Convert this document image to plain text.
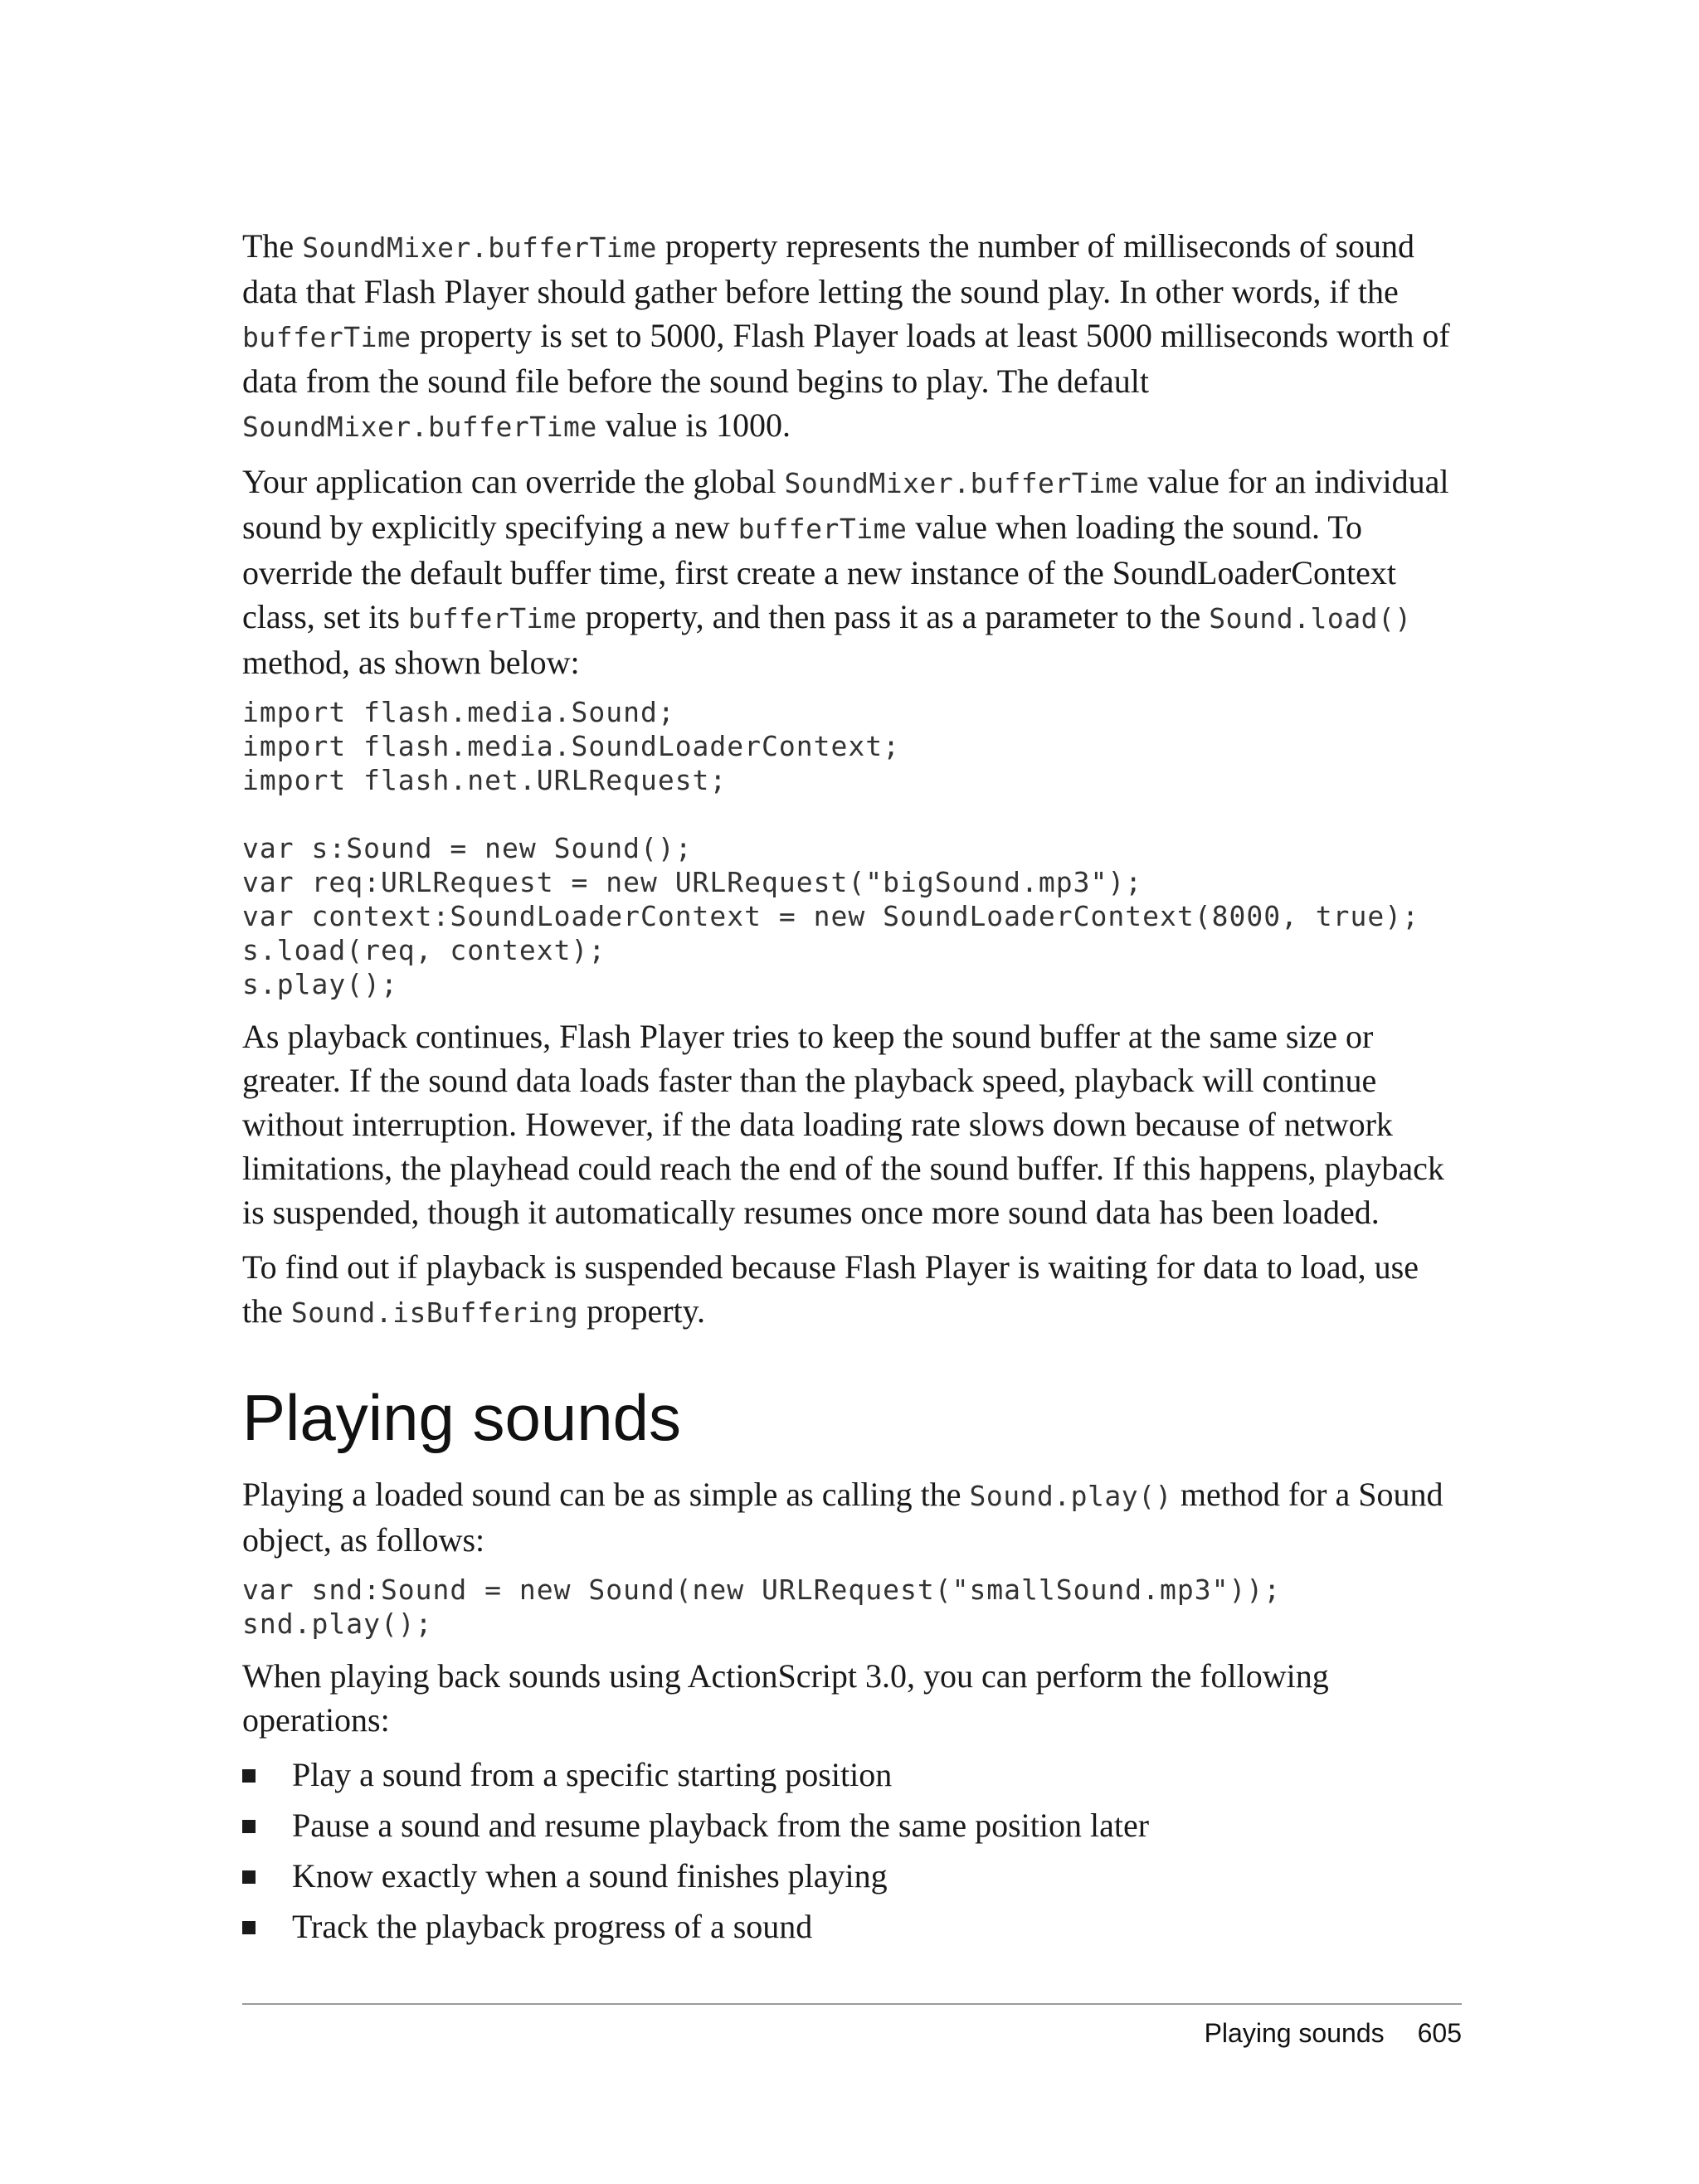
The SoundMixer.bufferTime property represents the number of milliseconds of sound data that Flash Player should gather before letting the sound play. In other words, if the bufferTime property is set to 5000, Flash Player loads at least 5000 milliseconds worth of data from the sound file before the sound begins to play. The default SoundMixer.bufferTime value is 1000.

Your application can override the global SoundMixer.bufferTime value for an individual sound by explicitly specifying a new bufferTime value when loading the sound. To override the default buffer time, first create a new instance of the SoundLoaderContext class, set its bufferTime property, and then pass it as a parameter to the Sound.load() method, as shown below:

import flash.media.Sound;
import flash.media.SoundLoaderContext;
import flash.net.URLRequest;

var s:Sound = new Sound();
var req:URLRequest = new URLRequest("bigSound.mp3");
var context:SoundLoaderContext = new SoundLoaderContext(8000, true);
s.load(req, context);
s.play();

As playback continues, Flash Player tries to keep the sound buffer at the same size or greater. If the sound data loads faster than the playback speed, playback will continue without interruption. However, if the data loading rate slows down because of network limitations, the playhead could reach the end of the sound buffer. If this happens, playback is suspended, though it automatically resumes once more sound data has been loaded.

To find out if playback is suspended because Flash Player is waiting for data to load, use the Sound.isBuffering property.

Playing sounds

Playing a loaded sound can be as simple as calling the Sound.play() method for a Sound object, as follows:

var snd:Sound = new Sound(new URLRequest("smallSound.mp3"));
snd.play();

When playing back sounds using ActionScript 3.0, you can perform the following operations:

Play a sound from a specific starting position
Pause a sound and resume playback from the same position later
Know exactly when a sound finishes playing
Track the playback progress of a sound
Playing sounds 605
